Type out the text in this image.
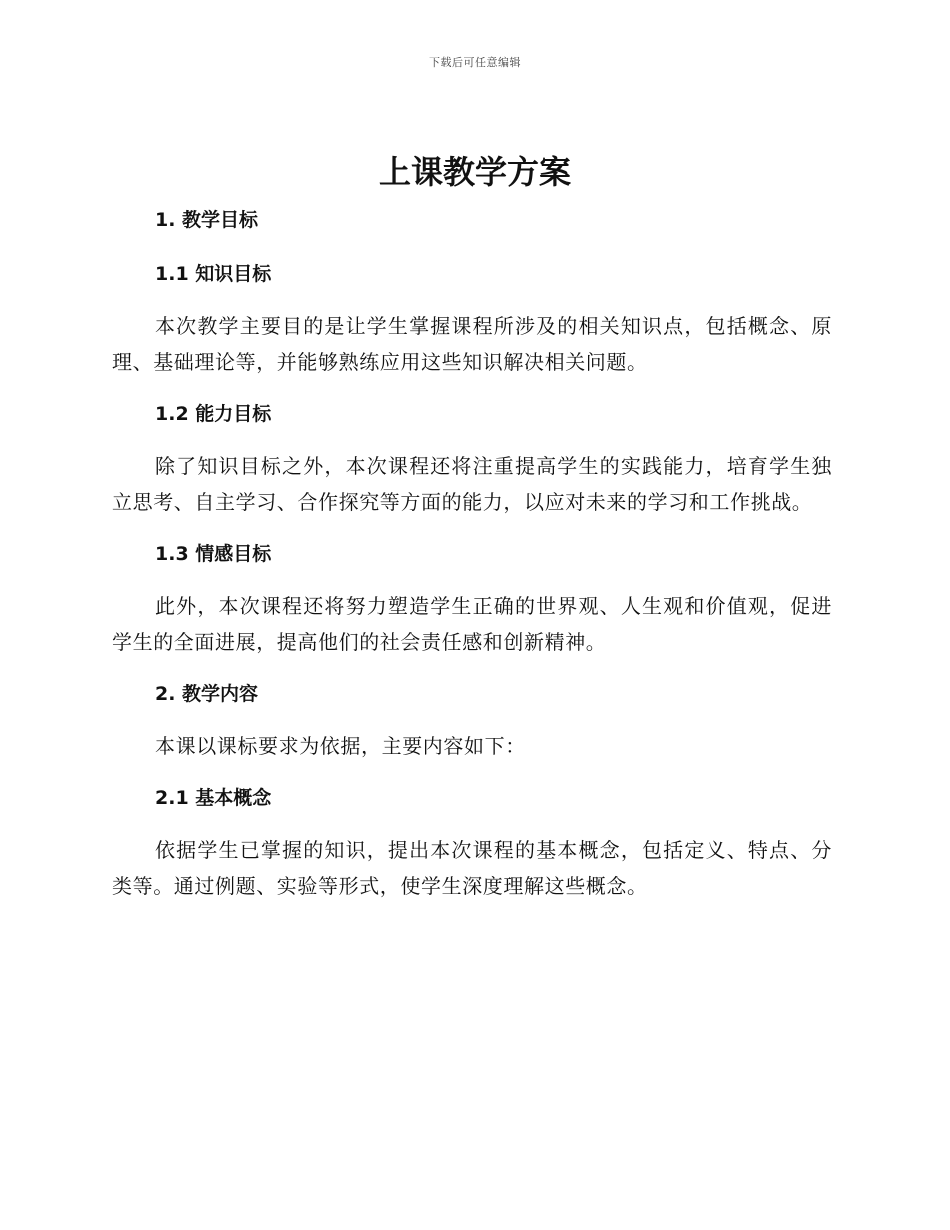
下载后可任意编辑
上课教学方案
1. 教学目标
1.1 知识目标

本次教学主要目的是让学生掌握课程所涉及的相关知识点，包括概念、原理、基础理论等，并能够熟练应用这些知识解决相关问题。

1.2 能力目标

除了知识目标之外，本次课程还将注重提高学生的实践能力，培育学生独立思考、自主学习、合作探究等方面的能力，以应对未来的学习和工作挑战。

1.3 情感目标

此外，本次课程还将努力塑造学生正确的世界观、人生观和价值观，促进学生的全面进展，提高他们的社会责任感和创新精神。

2. 教学内容

本课以课标要求为依据，主要内容如下：

2.1 基本概念

依据学生已掌握的知识，提出本次课程的基本概念，包括定义、特点、分类等。通过例题、实验等形式，使学生深度理解这些概念。
